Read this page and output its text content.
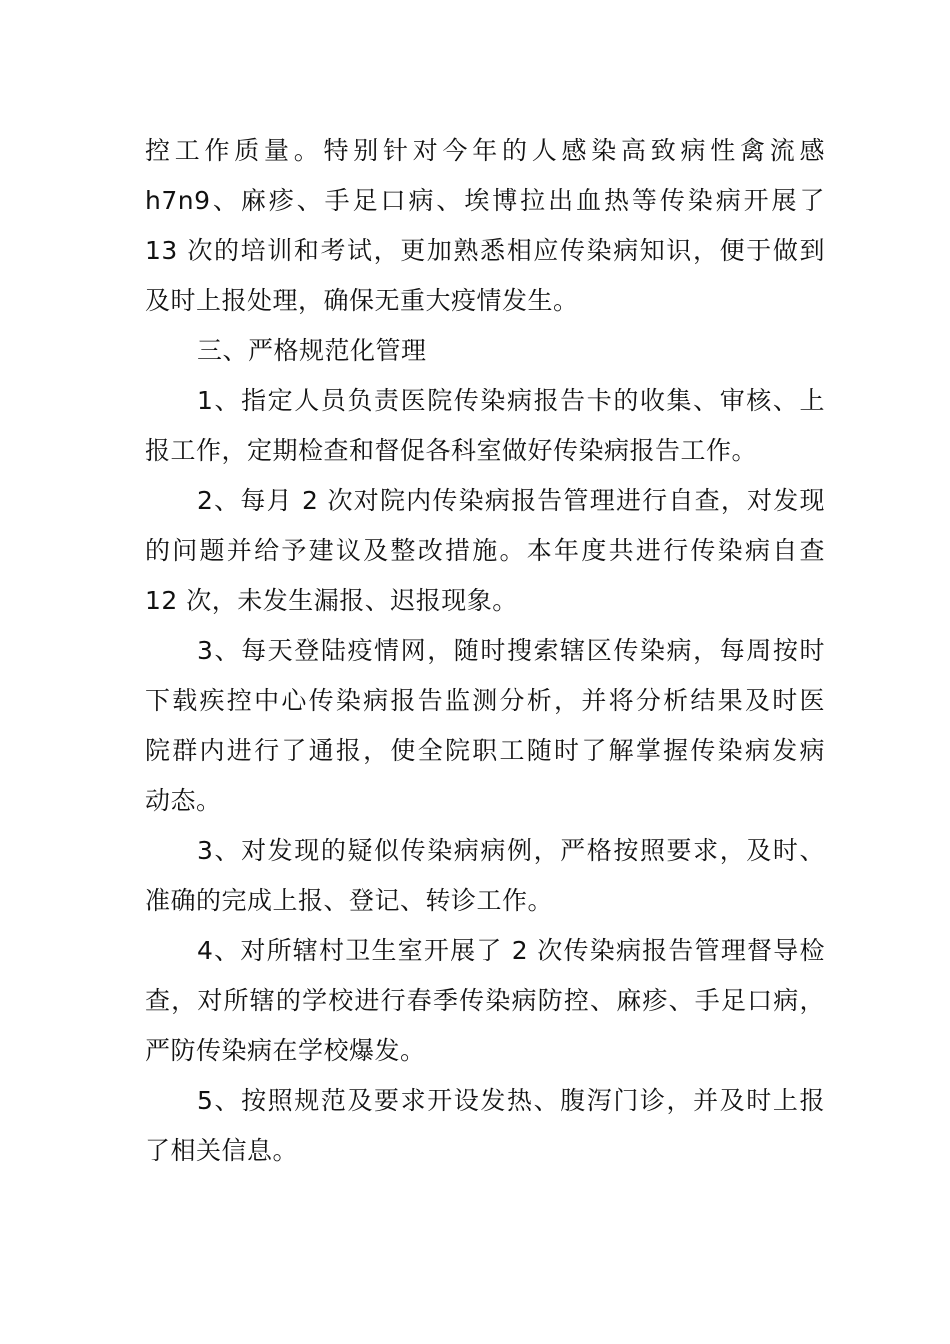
控工作质量。特别针对今年的人感染高致病性禽流感
h7n9、麻疹、手足口病、埃博拉出血热等传染病开展了
13 次的培训和考试，更加熟悉相应传染病知识，便于做到
及时上报处理，确保无重大疫情发生。
三、严格规范化管理
1、指定人员负责医院传染病报告卡的收集、审核、上
报工作，定期检查和督促各科室做好传染病报告工作。
2、每月 2 次对院内传染病报告管理进行自查，对发现
的问题并给予建议及整改措施。本年度共进行传染病自查
12 次，未发生漏报、迟报现象。
3、每天登陆疫情网，随时搜索辖区传染病，每周按时
下载疾控中心传染病报告监测分析，并将分析结果及时医
院群内进行了通报，使全院职工随时了解掌握传染病发病
动态。
3、对发现的疑似传染病病例，严格按照要求，及时、
准确的完成上报、登记、转诊工作。
4、对所辖村卫生室开展了 2 次传染病报告管理督导检
查，对所辖的学校进行春季传染病防控、麻疹、手足口病，
严防传染病在学校爆发。
5、按照规范及要求开设发热、腹泻门诊，并及时上报
了相关信息。
